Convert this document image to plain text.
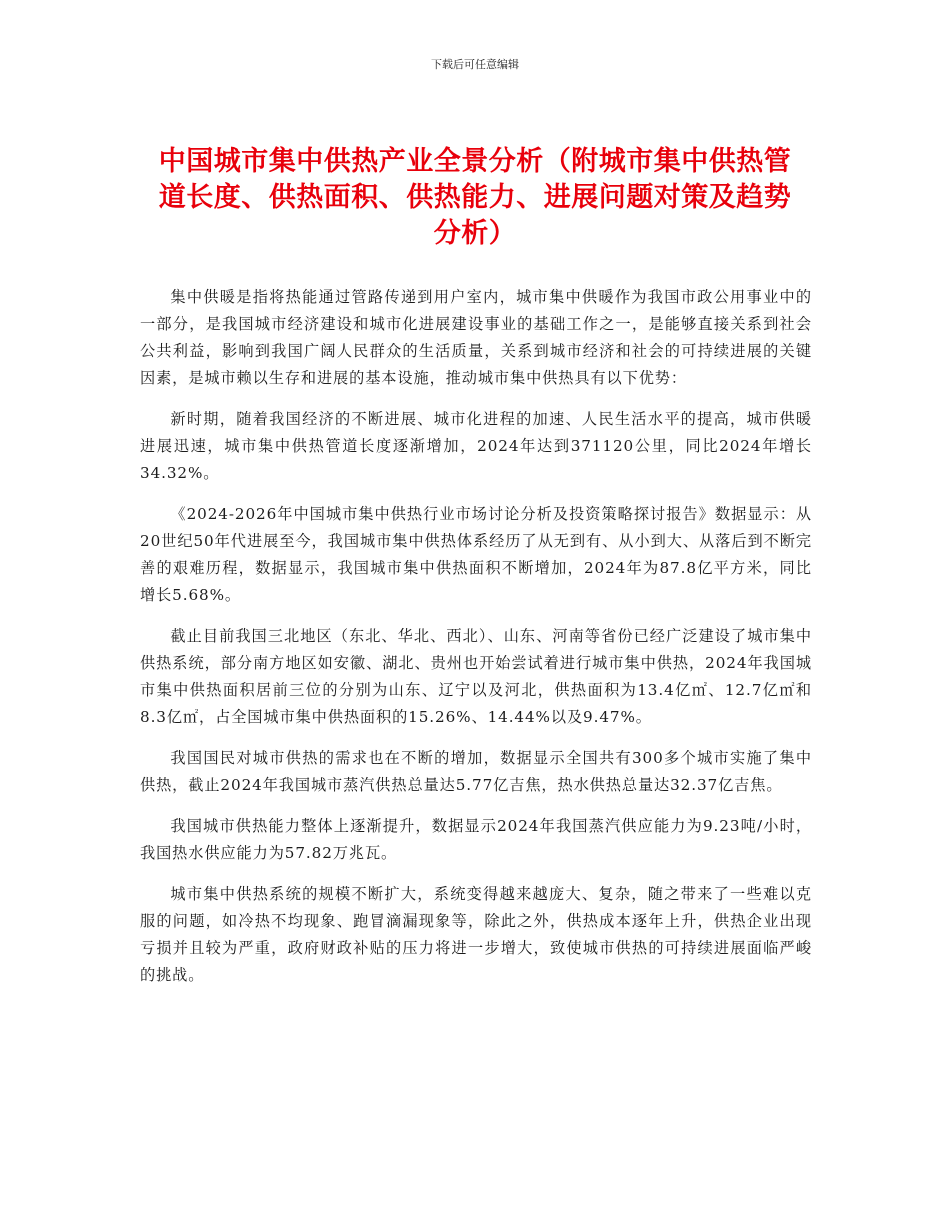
下载后可任意编辑
中国城市集中供热产业全景分析（附城市集中供热管道长度、供热面积、供热能力、进展问题对策及趋势分析）

集中供暖是指将热能通过管路传递到用户室内，城市集中供暖作为我国市政公用事业中的一部分，是我国城市经济建设和城市化进展建设事业的基础工作之一，是能够直接关系到社会公共利益，影响到我国广阔人民群众的生活质量，关系到城市经济和社会的可持续进展的关键因素，是城市赖以生存和进展的基本设施，推动城市集中供热具有以下优势：

新时期，随着我国经济的不断进展、城市化进程的加速、人民生活水平的提高，城市供暖进展迅速，城市集中供热管道长度逐渐增加，2024年达到371120公里，同比2024年增长34.32%。

《2024-2026年中国城市集中供热行业市场讨论分析及投资策略探讨报告》数据显示：从20世纪50年代进展至今，我国城市集中供热体系经历了从无到有、从小到大、从落后到不断完善的艰难历程，数据显示，我国城市集中供热面积不断增加，2024年为87.8亿平方米，同比增长5.68%。

截止目前我国三北地区（东北、华北、西北）、山东、河南等省份已经广泛建设了城市集中供热系统，部分南方地区如安徽、湖北、贵州也开始尝试着进行城市集中供热，2024年我国城市集中供热面积居前三位的分别为山东、辽宁以及河北，供热面积为13.4亿㎡、12.7亿㎡和8.3亿㎡，占全国城市集中供热面积的15.26%、14.44%以及9.47%。

我国国民对城市供热的需求也在不断的增加，数据显示全国共有300多个城市实施了集中供热，截止2024年我国城市蒸汽供热总量达5.77亿吉焦，热水供热总量达32.37亿吉焦。

我国城市供热能力整体上逐渐提升，数据显示2024年我国蒸汽供应能力为9.23吨/小时，我国热水供应能力为57.82万兆瓦。

城市集中供热系统的规模不断扩大，系统变得越来越庞大、复杂，随之带来了一些难以克服的问题，如冷热不均现象、跑冒滴漏现象等，除此之外，供热成本逐年上升，供热企业出现亏损并且较为严重，政府财政补贴的压力将进一步增大，致使城市供热的可持续进展面临严峻的挑战。
